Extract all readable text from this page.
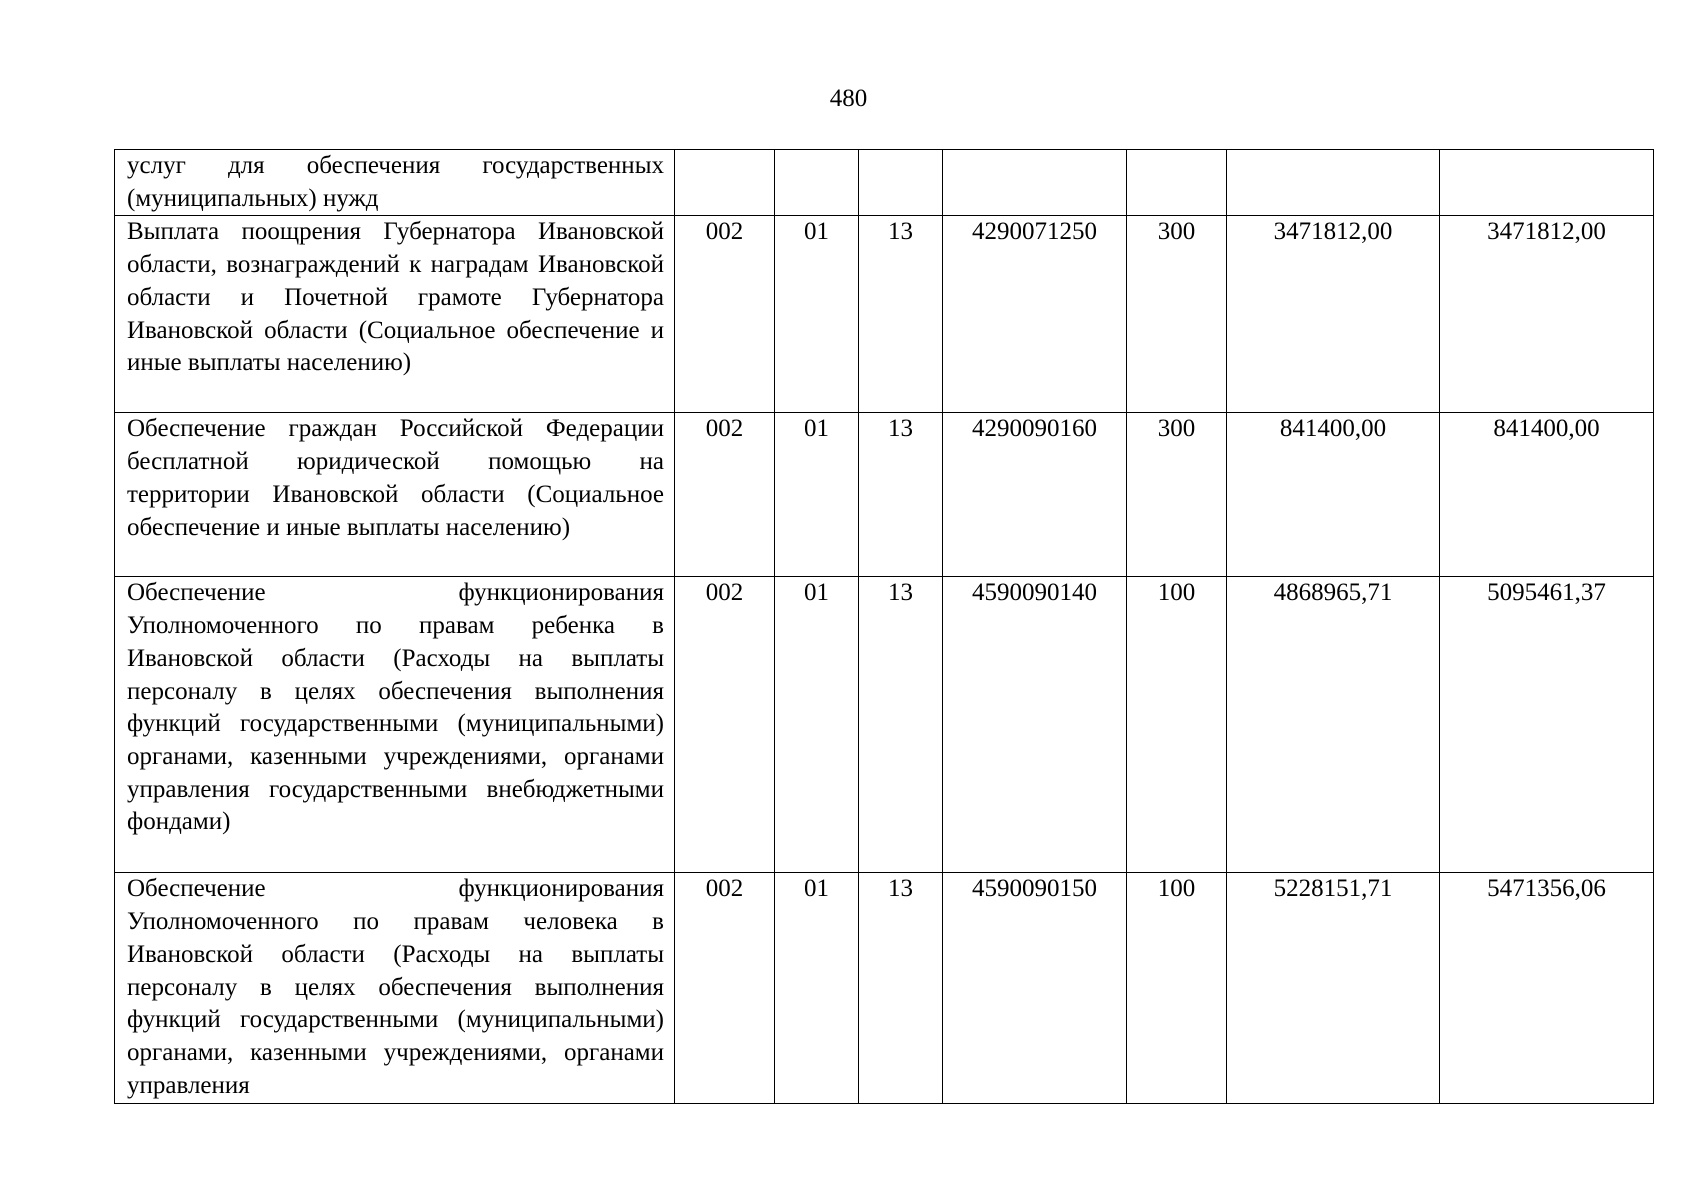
480
услуг для обеспечения государственных (муниципальных) нужд							
Выплата поощрения Губернатора Ивановской области, вознаграждений к наградам Ивановской области и Почетной грамоте Губернатора Ивановской области (Социальное обеспечение и иные выплаты населению)	002	01	13	4290071250	300	3471812,00	3471812,00
Обеспечение граждан Российской Федерации бесплатной юридической помощью на территории Ивановской области (Социальное обеспечение и иные выплаты населению)	002	01	13	4290090160	300	841400,00	841400,00
Обеспечение функционирования Уполномоченного по правам ребенка в Ивановской области (Расходы на выплаты персоналу в целях обеспечения выполнения функций государственными (муниципальными) органами, казенными учреждениями, органами управления государственными внебюджетными фондами)	002	01	13	4590090140	100	4868965,71	5095461,37
Обеспечение функционирования Уполномоченного по правам человека в Ивановской области (Расходы на выплаты персоналу в целях обеспечения выполнения функций государственными (муниципальными) органами, казенными учреждениями, органами управления	002	01	13	4590090150	100	5228151,71	5471356,06
